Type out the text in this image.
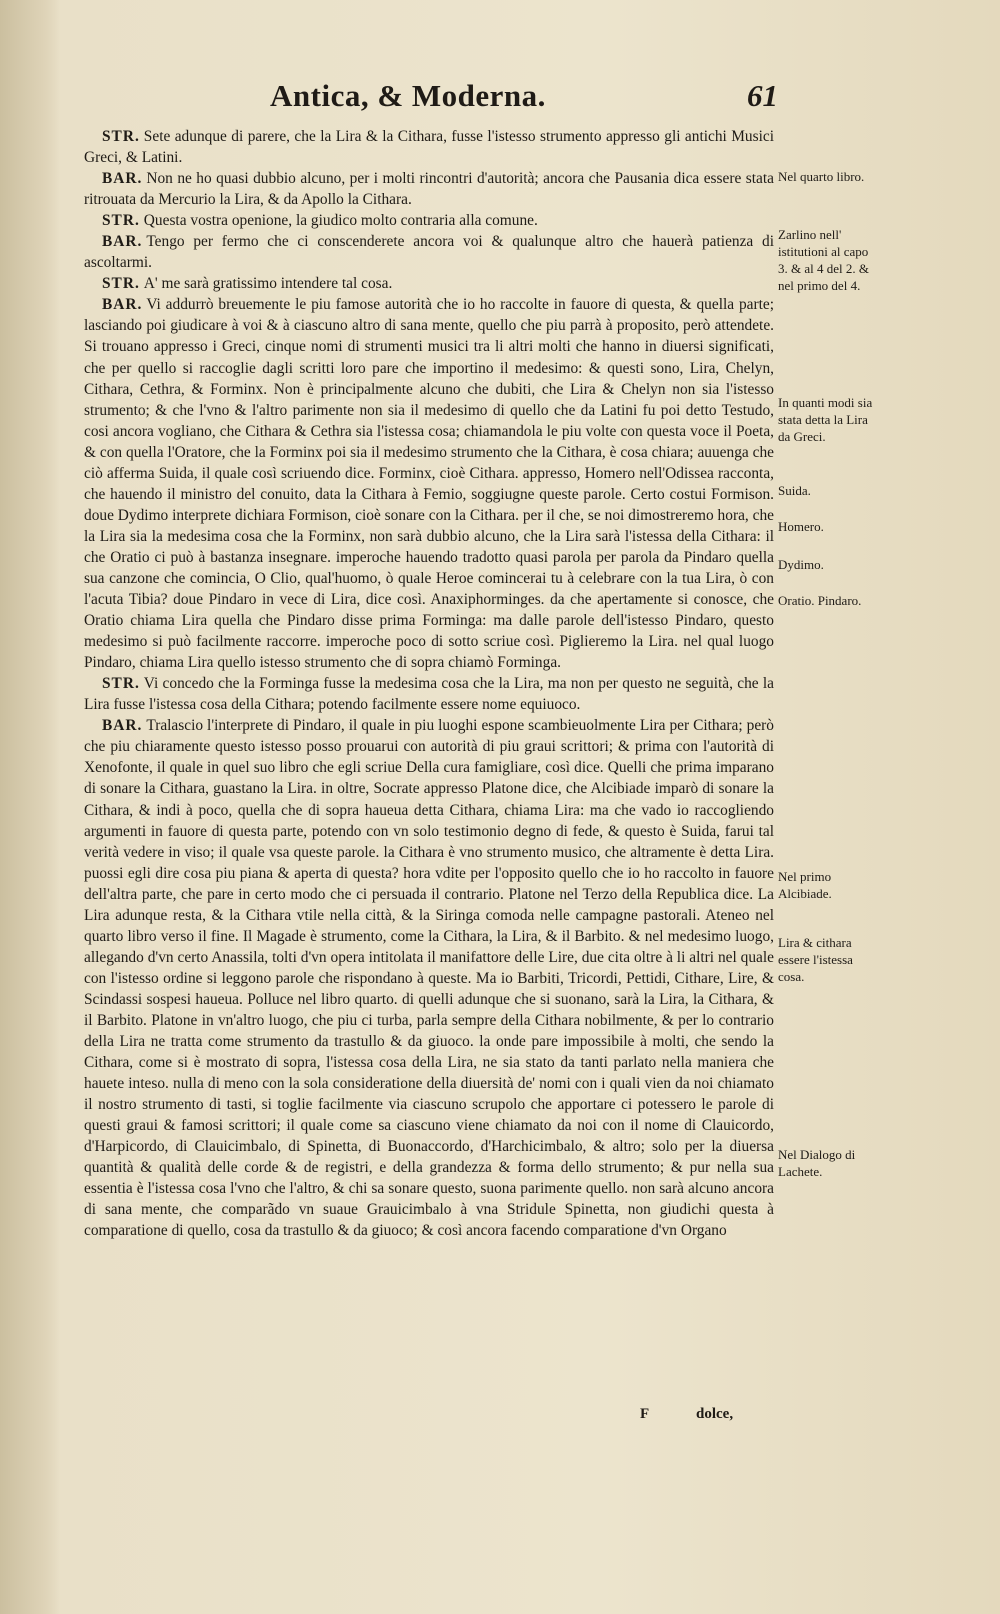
Antica, & Moderna.	61

STR. Sete adunque di parere, che la Lira & la Cithara, fusse l'istesso strumento appresso gli antichi Musici Greci, & Latini.

BAR. Non ne ho quasi dubbio alcuno, per i molti rincontri d'autorità; ancora che Pausania dica essere stata ritrouata da Mercurio la Lira, & da Apollo la Cithara.

STR. Questa vostra openione, la giudico molto contraria alla comune.

BAR. Tengo per fermo che ci conscenderete ancora voi & qualunque altro che hauerà patienza di ascoltarmi.

STR. A' me sarà gratissimo intendere tal cosa.

BAR. Vi addurrò breuemente le piu famose autorità che io ho raccolte in fauore di questa, & quella parte; lasciando poi giudicare à voi & à ciascuno altro di sana mente, quello che piu parrà à proposito, però attendete. Si trouano appresso i Greci, cinque nomi di strumenti musici tra li altri molti che hanno in diuersi significati, che per quello si raccoglie dagli scritti loro pare che importino il medesimo: & questi sono, Lira, Chelyn, Cithara, Cethra, & Forminx. Non è principalmente alcuno che dubiti, che Lira & Chelyn non sia l'istesso strumento; & che l'vno & l'altro parimente non sia il medesimo di quello che da Latini fu poi detto Testudo, cosi ancora vogliano, che Cithara & Cethra sia l'istessa cosa; chiamandola le piu volte con questa voce il Poeta, & con quella l'Oratore, che la Forminx poi sia il medesimo strumento che la Cithara, è cosa chiara; auuenga che ciò afferma Suida, il quale così scriuendo dice. Forminx, cioè Cithara. appresso, Homero nell'Odissea racconta, che hauendo il ministro del conuito, data la Cithara à Femio, soggiugne queste parole. Certo costui Formison. doue Dydimo interprete dichiara Formison, cioè sonare con la Cithara. per il che, se noi dimostreremo hora, che la Lira sia la medesima cosa che la Forminx, non sarà dubbio alcuno, che la Lira sarà l'istessa della Cithara: il che Oratio ci può à bastanza insegnare. imperoche hauendo tradotto quasi parola per parola da Pindaro quella sua canzone che comincia, O Clio, qual'huomo, ò quale Heroe comincerai tu à celebrare con la tua Lira, ò con l'acuta Tibia? doue Pindaro in vece di Lira, dice così. Anaxiphorminges. da che apertamente si conosce, che Oratio chiama Lira quella che Pindaro disse prima Forminga: ma dalle parole dell'istesso Pindaro, questo medesimo si può facilmente raccorre. imperoche poco di sotto scriue così. Piglieremo la Lira. nel qual luogo Pindaro, chiama Lira quello istesso strumento che di sopra chiamò Forminga.

STR. Vi concedo che la Forminga fusse la medesima cosa che la Lira, ma non per questo ne seguità, che la Lira fusse l'istessa cosa della Cithara; potendo facilmente essere nome equiuoco.

BAR. Tralascio l'interprete di Pindaro, il quale in piu luoghi espone scambieuolmente Lira per Cithara; però che piu chiaramente questo istesso posso prouarui con autorità di piu graui scrittori; & prima con l'autorità di Xenofonte, il quale in quel suo libro che egli scriue Della cura famigliare, così dice. Quelli che prima imparano di sonare la Cithara, guastano la Lira. in oltre, Socrate appresso Platone dice, che Alcibiade imparò di sonare la Cithara, & indi à poco, quella che di sopra haueua detta Cithara, chiama Lira: ma che vado io raccogliendo argumenti in fauore di questa parte, potendo con vn solo testimonio degno di fede, & questo è Suida, farui tal verità vedere in viso; il quale vsa queste parole. la Cithara è vno strumento musico, che altramente è detta Lira. puossi egli dire cosa piu piana & aperta di questa? hora vdite per l'opposito quello che io ho raccolto in fauore dell'altra parte, che pare in certo modo che ci persuada il contrario. Platone nel Terzo della Republica dice. La Lira adunque resta, & la Cithara vtile nella città, & la Siringa comoda nelle campagne pastorali. Ateneo nel quarto libro verso il fine. Il Magade è strumento, come la Cithara, la Lira, & il Barbito. & nel medesimo luogo, allegando d'vn certo Anassila, tolti d'vn opera intitolata il manifattore delle Lire, due cita oltre à li altri nel quale con l'istesso ordine si leggono parole che rispondano à queste. Ma io Barbiti, Tricordi, Pettidi, Cithare, Lire, & Scindassi sospesi haueua. Polluce nel libro quarto. di quelli adunque che si suonano, sarà la Lira, la Cithara, & il Barbito. Platone in vn'altro luogo, che piu ci turba, parla sempre della Cithara nobilmente, & per lo contrario della Lira ne tratta come strumento da trastullo & da giuoco. la onde pare impossibile à molti, che sendo la Cithara, come si è mostrato di sopra, l'istessa cosa della Lira, ne sia stato da tanti parlato nella maniera che hauete inteso. nulla di meno con la sola consideratione della diuersità de' nomi con i quali vien da noi chiamato il nostro strumento di tasti, si toglie facilmente via ciascuno scrupolo che apportare ci potessero le parole di questi graui & famosi scrittori; il quale come sa ciascuno viene chiamato da noi con il nome di Clauicordo, d'Harpicordo, di Clauicimbalo, di Spinetta, di Buonaccordo, d'Harchicimbalo, & altro; solo per la diuersa quantità & qualità delle corde & de registri, e della grandezza & forma dello strumento; & pur nella sua essentia è l'istessa cosa l'vno che l'altro, & chi sa sonare questo, suona parimente quello. non sarà alcuno ancora di sana mente, che comparãdo vn suaue Grauicimbalo à vna Stridule Spinetta, non giudichi questa à comparatione di quello, cosa da trastullo & da giuoco; & così ancora facendo comparatione d'vn Organo

Nel quarto libro.

Zarlino nell' istitutioni al capo 3. & al 4 del 2. & nel primo del 4.

In quanti modi sia stata detta la Lira da Greci.

Suida.

Homero.

Dydimo.

Oratio. Pindaro.

Nel primo Alcibiade.

Lira & cithara essere l'istessa cosa.

Nel Dialogo di Lachete.

F	dolce,
